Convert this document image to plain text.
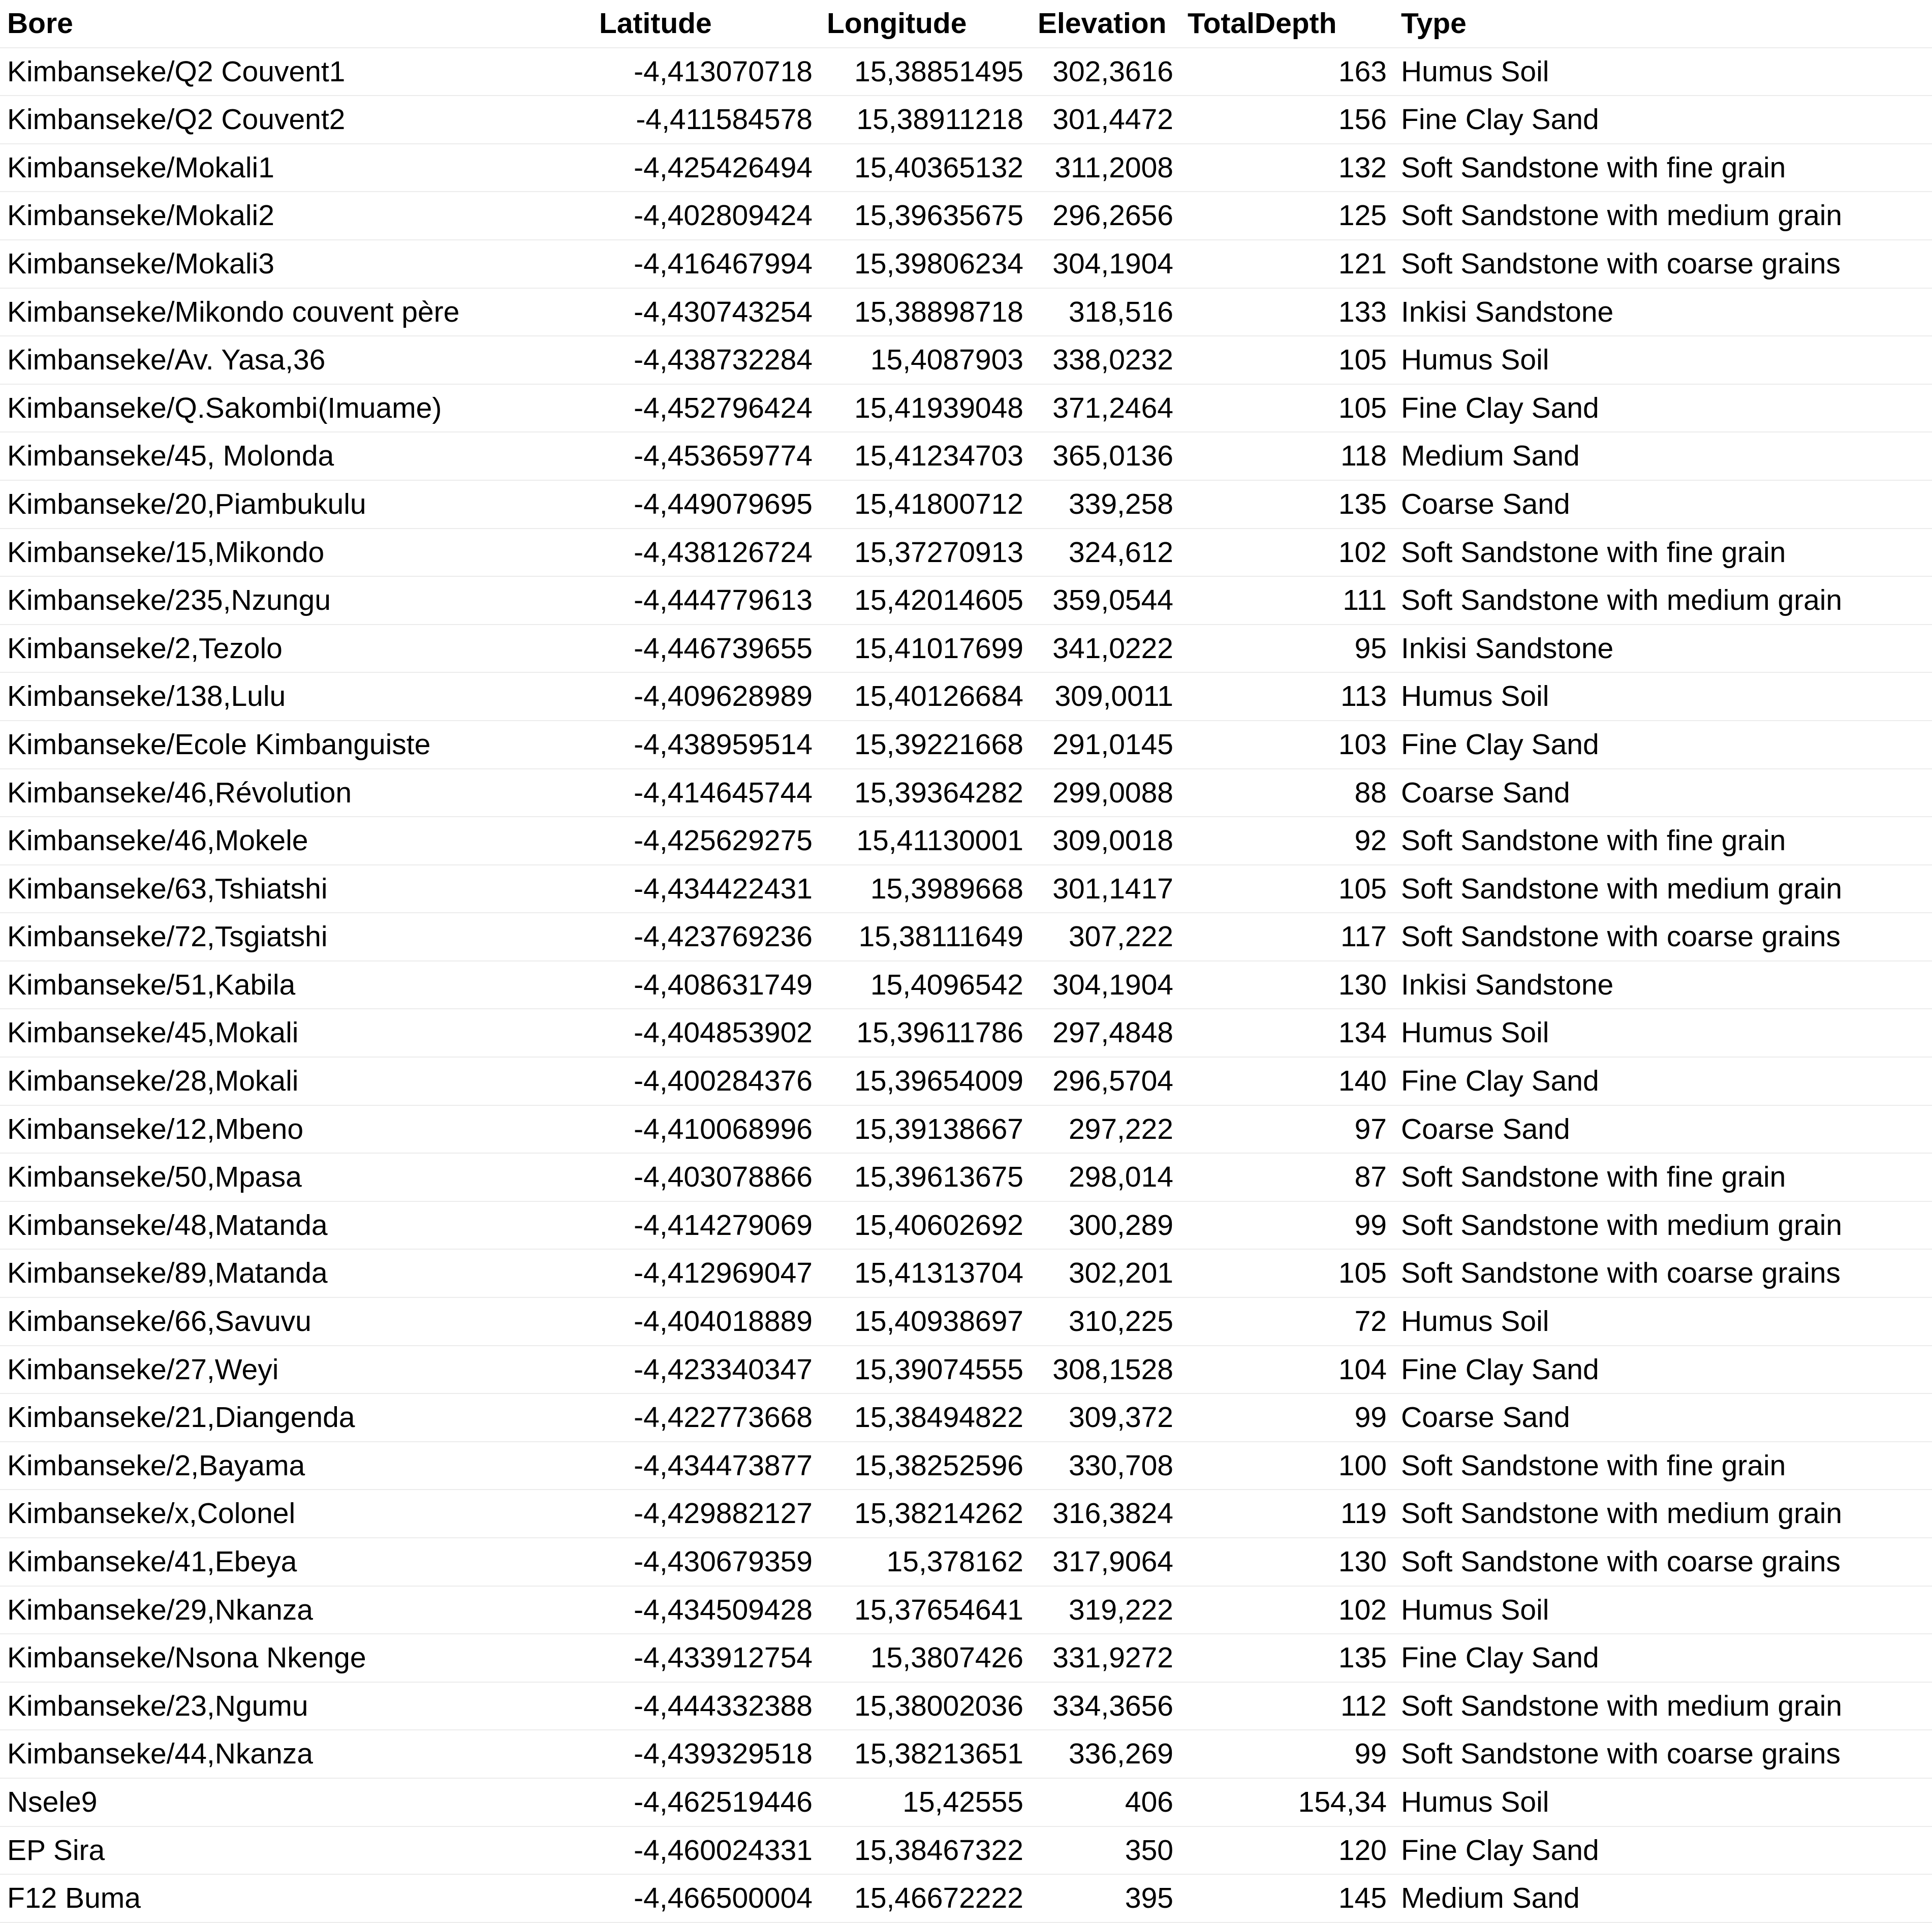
Bore	Latitude	Longitude	Elevation	TotalDepth	Type
Kimbanseke/Q2 Couvent1	-4,413070718	15,38851495	302,3616	163	Humus Soil
Kimbanseke/Q2 Couvent2	-4,411584578	15,38911218	301,4472	156	Fine Clay Sand
Kimbanseke/Mokali1	-4,425426494	15,40365132	311,2008	132	Soft Sandstone with fine grain
Kimbanseke/Mokali2	-4,402809424	15,39635675	296,2656	125	Soft Sandstone with medium grain
Kimbanseke/Mokali3	-4,416467994	15,39806234	304,1904	121	Soft Sandstone with coarse grains
Kimbanseke/Mikondo couvent père	-4,430743254	15,38898718	318,516	133	Inkisi Sandstone
Kimbanseke/Av. Yasa,36	-4,438732284	15,4087903	338,0232	105	Humus Soil
Kimbanseke/Q.Sakombi(Imuame)	-4,452796424	15,41939048	371,2464	105	Fine Clay Sand
Kimbanseke/45, Molonda	-4,453659774	15,41234703	365,0136	118	Medium Sand
Kimbanseke/20,Piambukulu	-4,449079695	15,41800712	339,258	135	Coarse Sand
Kimbanseke/15,Mikondo	-4,438126724	15,37270913	324,612	102	Soft Sandstone with fine grain
Kimbanseke/235,Nzungu	-4,444779613	15,42014605	359,0544	111	Soft Sandstone with medium grain
Kimbanseke/2,Tezolo	-4,446739655	15,41017699	341,0222	95	Inkisi Sandstone
Kimbanseke/138,Lulu	-4,409628989	15,40126684	309,0011	113	Humus Soil
Kimbanseke/Ecole Kimbanguiste	-4,438959514	15,39221668	291,0145	103	Fine Clay Sand
Kimbanseke/46,Révolution	-4,414645744	15,39364282	299,0088	88	Coarse Sand
Kimbanseke/46,Mokele	-4,425629275	15,41130001	309,0018	92	Soft Sandstone with fine grain
Kimbanseke/63,Tshiatshi	-4,434422431	15,3989668	301,1417	105	Soft Sandstone with medium grain
Kimbanseke/72,Tsgiatshi	-4,423769236	15,38111649	307,222	117	Soft Sandstone with coarse grains
Kimbanseke/51,Kabila	-4,408631749	15,4096542	304,1904	130	Inkisi Sandstone
Kimbanseke/45,Mokali	-4,404853902	15,39611786	297,4848	134	Humus Soil
Kimbanseke/28,Mokali	-4,400284376	15,39654009	296,5704	140	Fine Clay Sand
Kimbanseke/12,Mbeno	-4,410068996	15,39138667	297,222	97	Coarse Sand
Kimbanseke/50,Mpasa	-4,403078866	15,39613675	298,014	87	Soft Sandstone with fine grain
Kimbanseke/48,Matanda	-4,414279069	15,40602692	300,289	99	Soft Sandstone with medium grain
Kimbanseke/89,Matanda	-4,412969047	15,41313704	302,201	105	Soft Sandstone with coarse grains
Kimbanseke/66,Savuvu	-4,404018889	15,40938697	310,225	72	Humus Soil
Kimbanseke/27,Weyi	-4,423340347	15,39074555	308,1528	104	Fine Clay Sand
Kimbanseke/21,Diangenda	-4,422773668	15,38494822	309,372	99	Coarse Sand
Kimbanseke/2,Bayama	-4,434473877	15,38252596	330,708	100	Soft Sandstone with fine grain
Kimbanseke/x,Colonel	-4,429882127	15,38214262	316,3824	119	Soft Sandstone with medium grain
Kimbanseke/41,Ebeya	-4,430679359	15,378162	317,9064	130	Soft Sandstone with coarse grains
Kimbanseke/29,Nkanza	-4,434509428	15,37654641	319,222	102	Humus Soil
Kimbanseke/Nsona Nkenge	-4,433912754	15,3807426	331,9272	135	Fine Clay Sand
Kimbanseke/23,Ngumu	-4,444332388	15,38002036	334,3656	112	Soft Sandstone with medium grain
Kimbanseke/44,Nkanza	-4,439329518	15,38213651	336,269	99	Soft Sandstone with coarse grains
Nsele9	-4,462519446	15,42555	406	154,34	Humus Soil
EP Sira	-4,460024331	15,38467322	350	120	Fine Clay Sand
F12 Buma	-4,466500004	15,46672222	395	145	Medium Sand
